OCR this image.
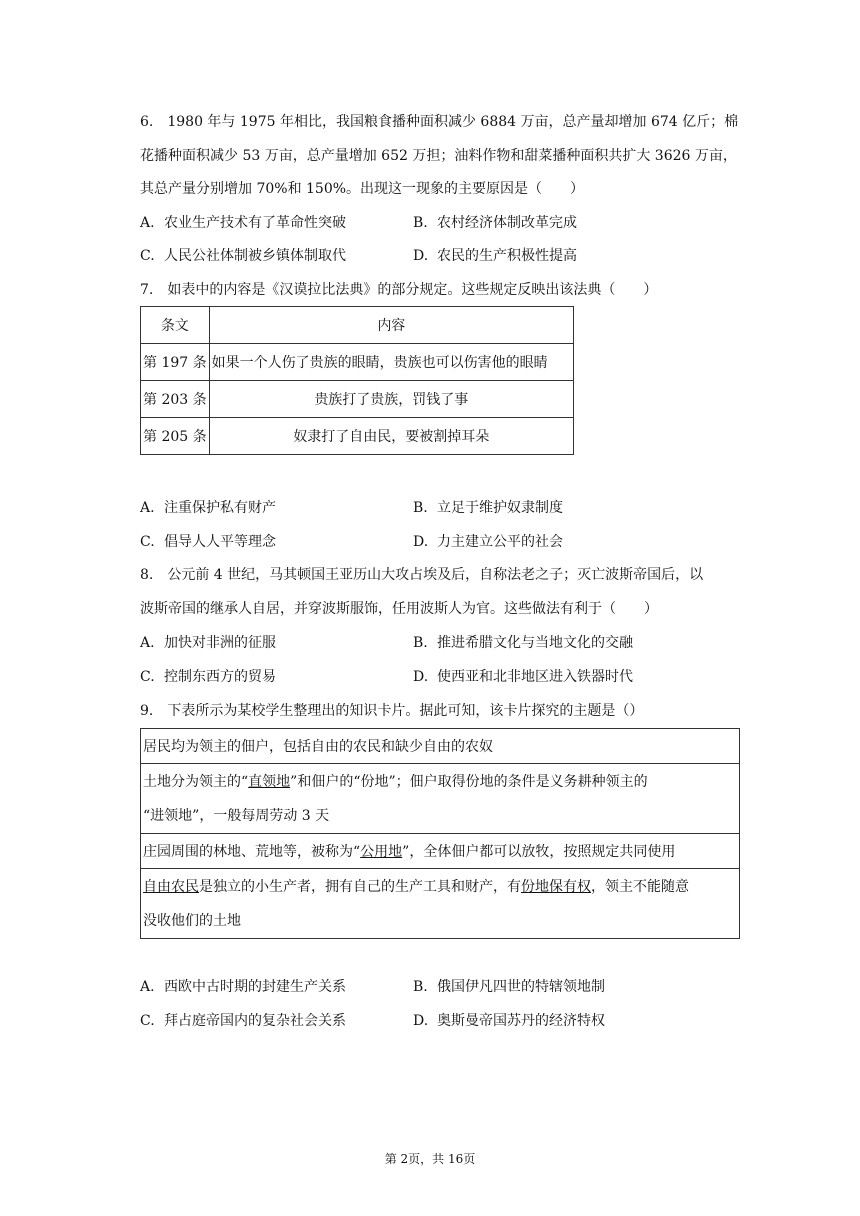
6.　1980 年与 1975 年相比，我国粮食播种面积减少 6884 万亩，总产量却增加 674 亿斤；棉
花播种面积减少 53 万亩，总产量增加 652 万担；油料作物和甜菜播种面积共扩大 3626 万亩，
其总产量分别增加 70%和 150%。出现这一现象的主要原因是（　　）
A. 农业生产技术有了革命性突破	B. 农村经济体制改革完成
C. 人民公社体制被乡镇体制取代	D. 农民的生产积极性提高
7.　如表中的内容是《汉谟拉比法典》的部分规定。这些规定反映出该法典（　　）
条文	内容
第 197 条	如果一个人伤了贵族的眼睛，贵族也可以伤害他的眼睛
第 203 条	贵族打了贵族，罚钱了事
第 205 条	奴隶打了自由民，要被割掉耳朵
A. 注重保护私有财产	B. 立足于维护奴隶制度
C. 倡导人人平等理念	D. 力主建立公平的社会
8.　公元前 4 世纪，马其顿国王亚历山大攻占埃及后，自称法老之子；灭亡波斯帝国后，以
波斯帝国的继承人自居，并穿波斯服饰，任用波斯人为官。这些做法有利于（　　）
A. 加快对非洲的征服	B. 推进希腊文化与当地文化的交融
C. 控制东西方的贸易	D. 使西亚和北非地区进入铁器时代
9.　下表所示为某校学生整理出的知识卡片。据此可知，该卡片探究的主题是（）
居民均为领主的佃户，包括自由的农民和缺少自由的农奴
土地分为领主的“直领地”和佃户的“份地”；佃户取得份地的条件是义务耕种领主的
“进领地”，一般每周劳动 3 天
庄园周围的林地、荒地等，被称为“公用地”，全体佃户都可以放牧，按照规定共同使用
自由农民是独立的小生产者，拥有自己的生产工具和财产，有份地保有权，领主不能随意
没收他们的土地
A. 西欧中古时期的封建生产关系	B. 俄国伊凡四世的特辖领地制
C. 拜占庭帝国内的复杂社会关系	D. 奥斯曼帝国苏丹的经济特权
第 2页，共 16页
